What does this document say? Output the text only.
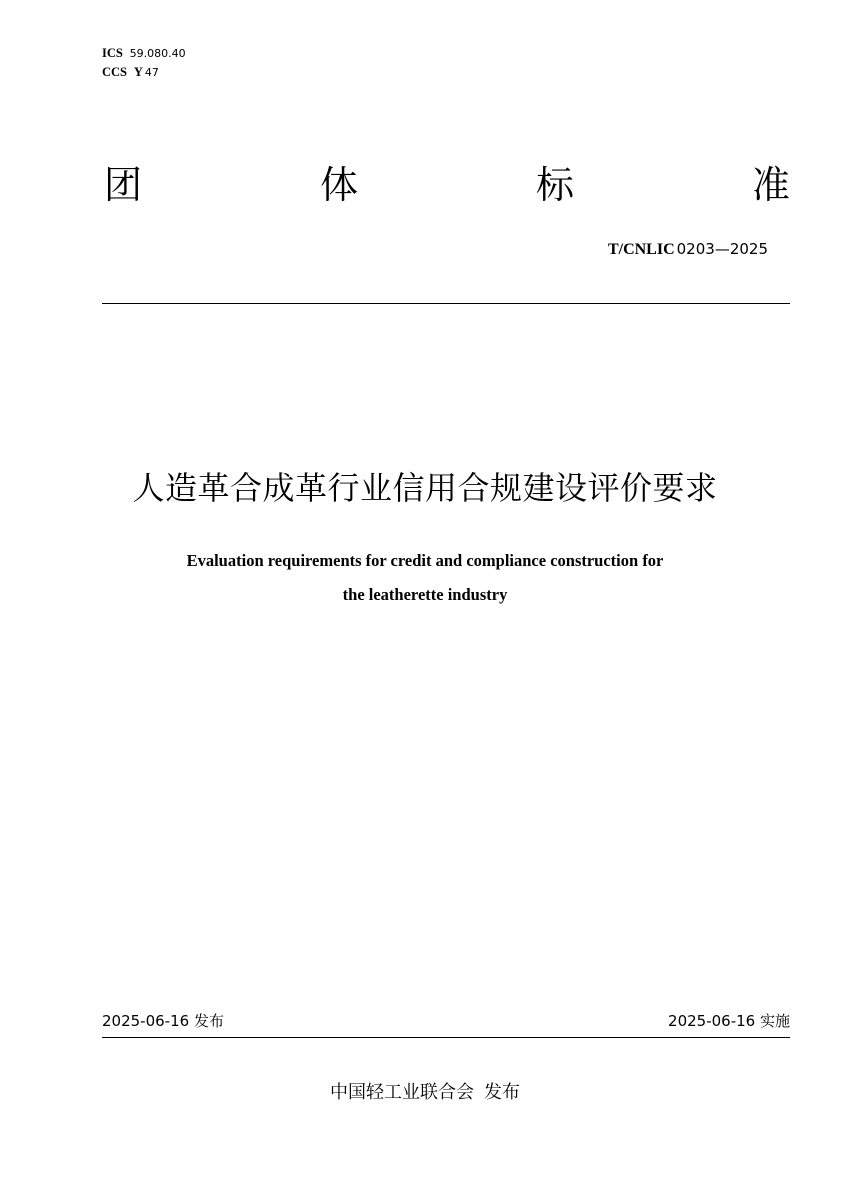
ICS 59.080.40
CCS Y 47
团	体	标	准
T/CNLIC 0203—2025
人造革合成革行业信用合规建设评价要求
Evaluation requirements for credit and compliance construction for
the leatherette industry
2025-06-16 发布	2025-06-16 实施
中国轻工业联合会 发布
